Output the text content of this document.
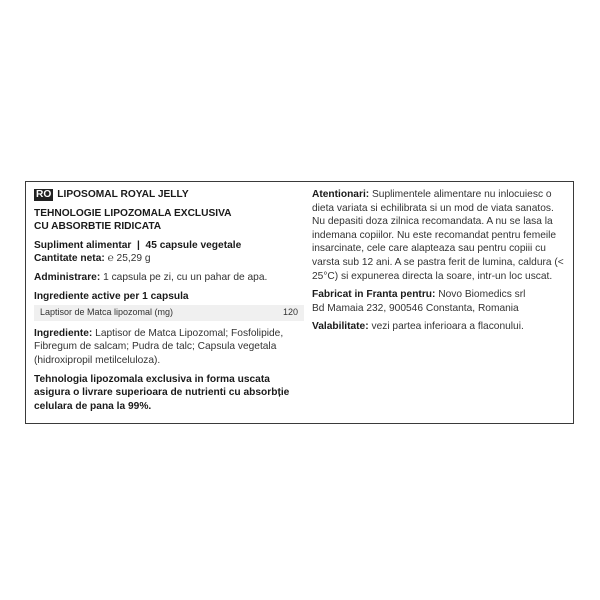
RO LIPOSOMAL ROYAL JELLY

TEHNOLOGIE LIPOZOMALA EXCLUSIVA
CU ABSORBTIE RIDICATA

Supliment alimentar  |  45 capsule vegetale
Cantitate neta: ℮ 25,29 g

Administrare: 1 capsula pe zi, cu un pahar de apa.

Ingrediente active per 1 capsula
Laptisor de Matca lipozomal (mg)	120

Ingrediente: Laptisor de Matca Lipozomal; Fosfolipide, Fibregum de salcam; Pudra de talc; Capsula vegetala (hidroxipropil metilceluloza).

Tehnologia lipozomala exclusiva in forma uscata asigura o livrare superioara de nutrienti cu absorbție celulara de pana la 99%.

Atentionari: Suplimentele alimentare nu inlocuiesc o dieta variata si echilibrata si un mod de viata sanatos. Nu depasiti doza zilnica recomandata. A nu se lasa la indemana copiilor. Nu este recomandat pentru femeile insarcinate, cele care alapteaza sau pentru copiii cu varsta sub 12 ani. A se pastra ferit de lumina, caldura (< 25°C) si expunerea directa la soare, intr-un loc uscat.

Fabricat in Franta pentru: Novo Biomedics srl
Bd Mamaia 232, 900546 Constanta, Romania

Valabilitate: vezi partea inferioara a flaconului.
